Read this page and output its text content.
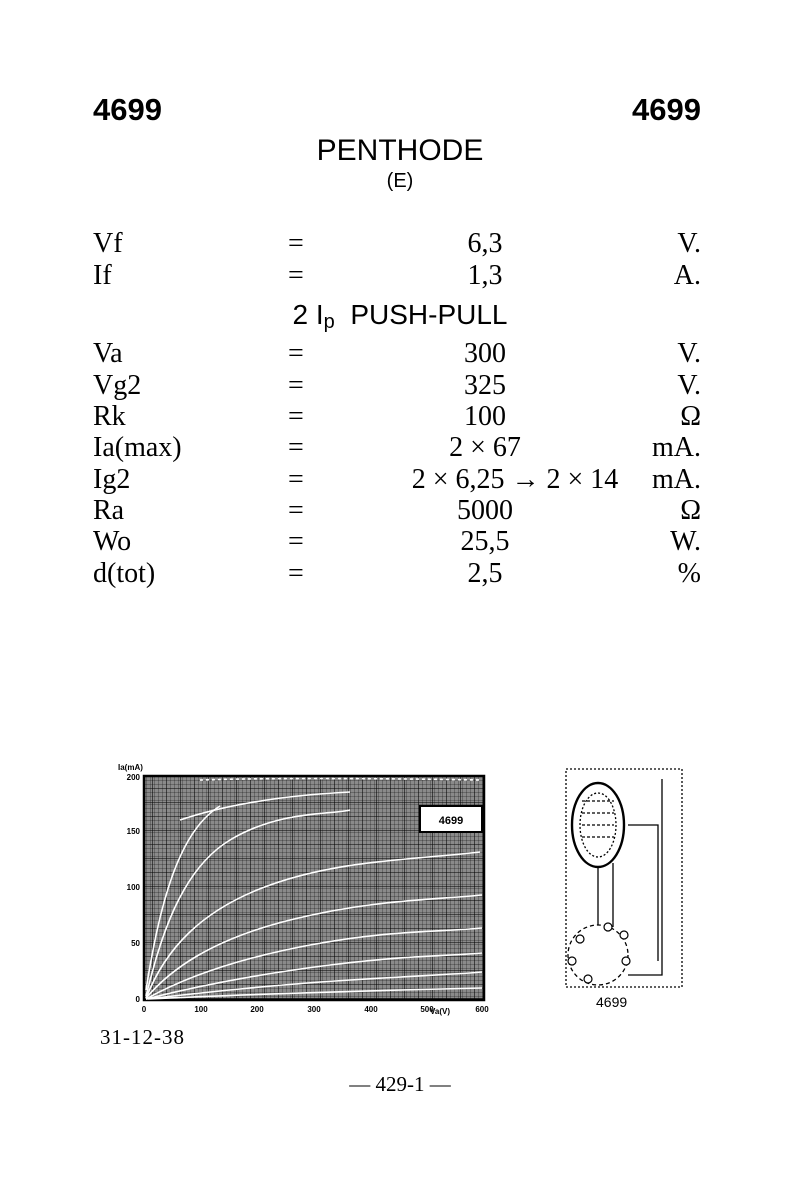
4699	4699
PENTHODE
(E)
Vf	=	6,3	V.
If	=	1,3	A.
2 $I_p$ PUSH-PULL
Va	=	300	V.
Vg2	=	325	V.
Rk	=	100	Ω
Ia(max)	=	2 × 67	mA.
Ig2	=	2 × 6,25 → 2 × 14	mA.
Ra	=	5000	Ω
Wo	=	25,5	W.
d(tot)	=	2,5	%
4699
Ia(mA)
Va(V)
0	100	200	300	400	500	600
0
50
100
150
200
4699
31-12-38
— 429-1 —
